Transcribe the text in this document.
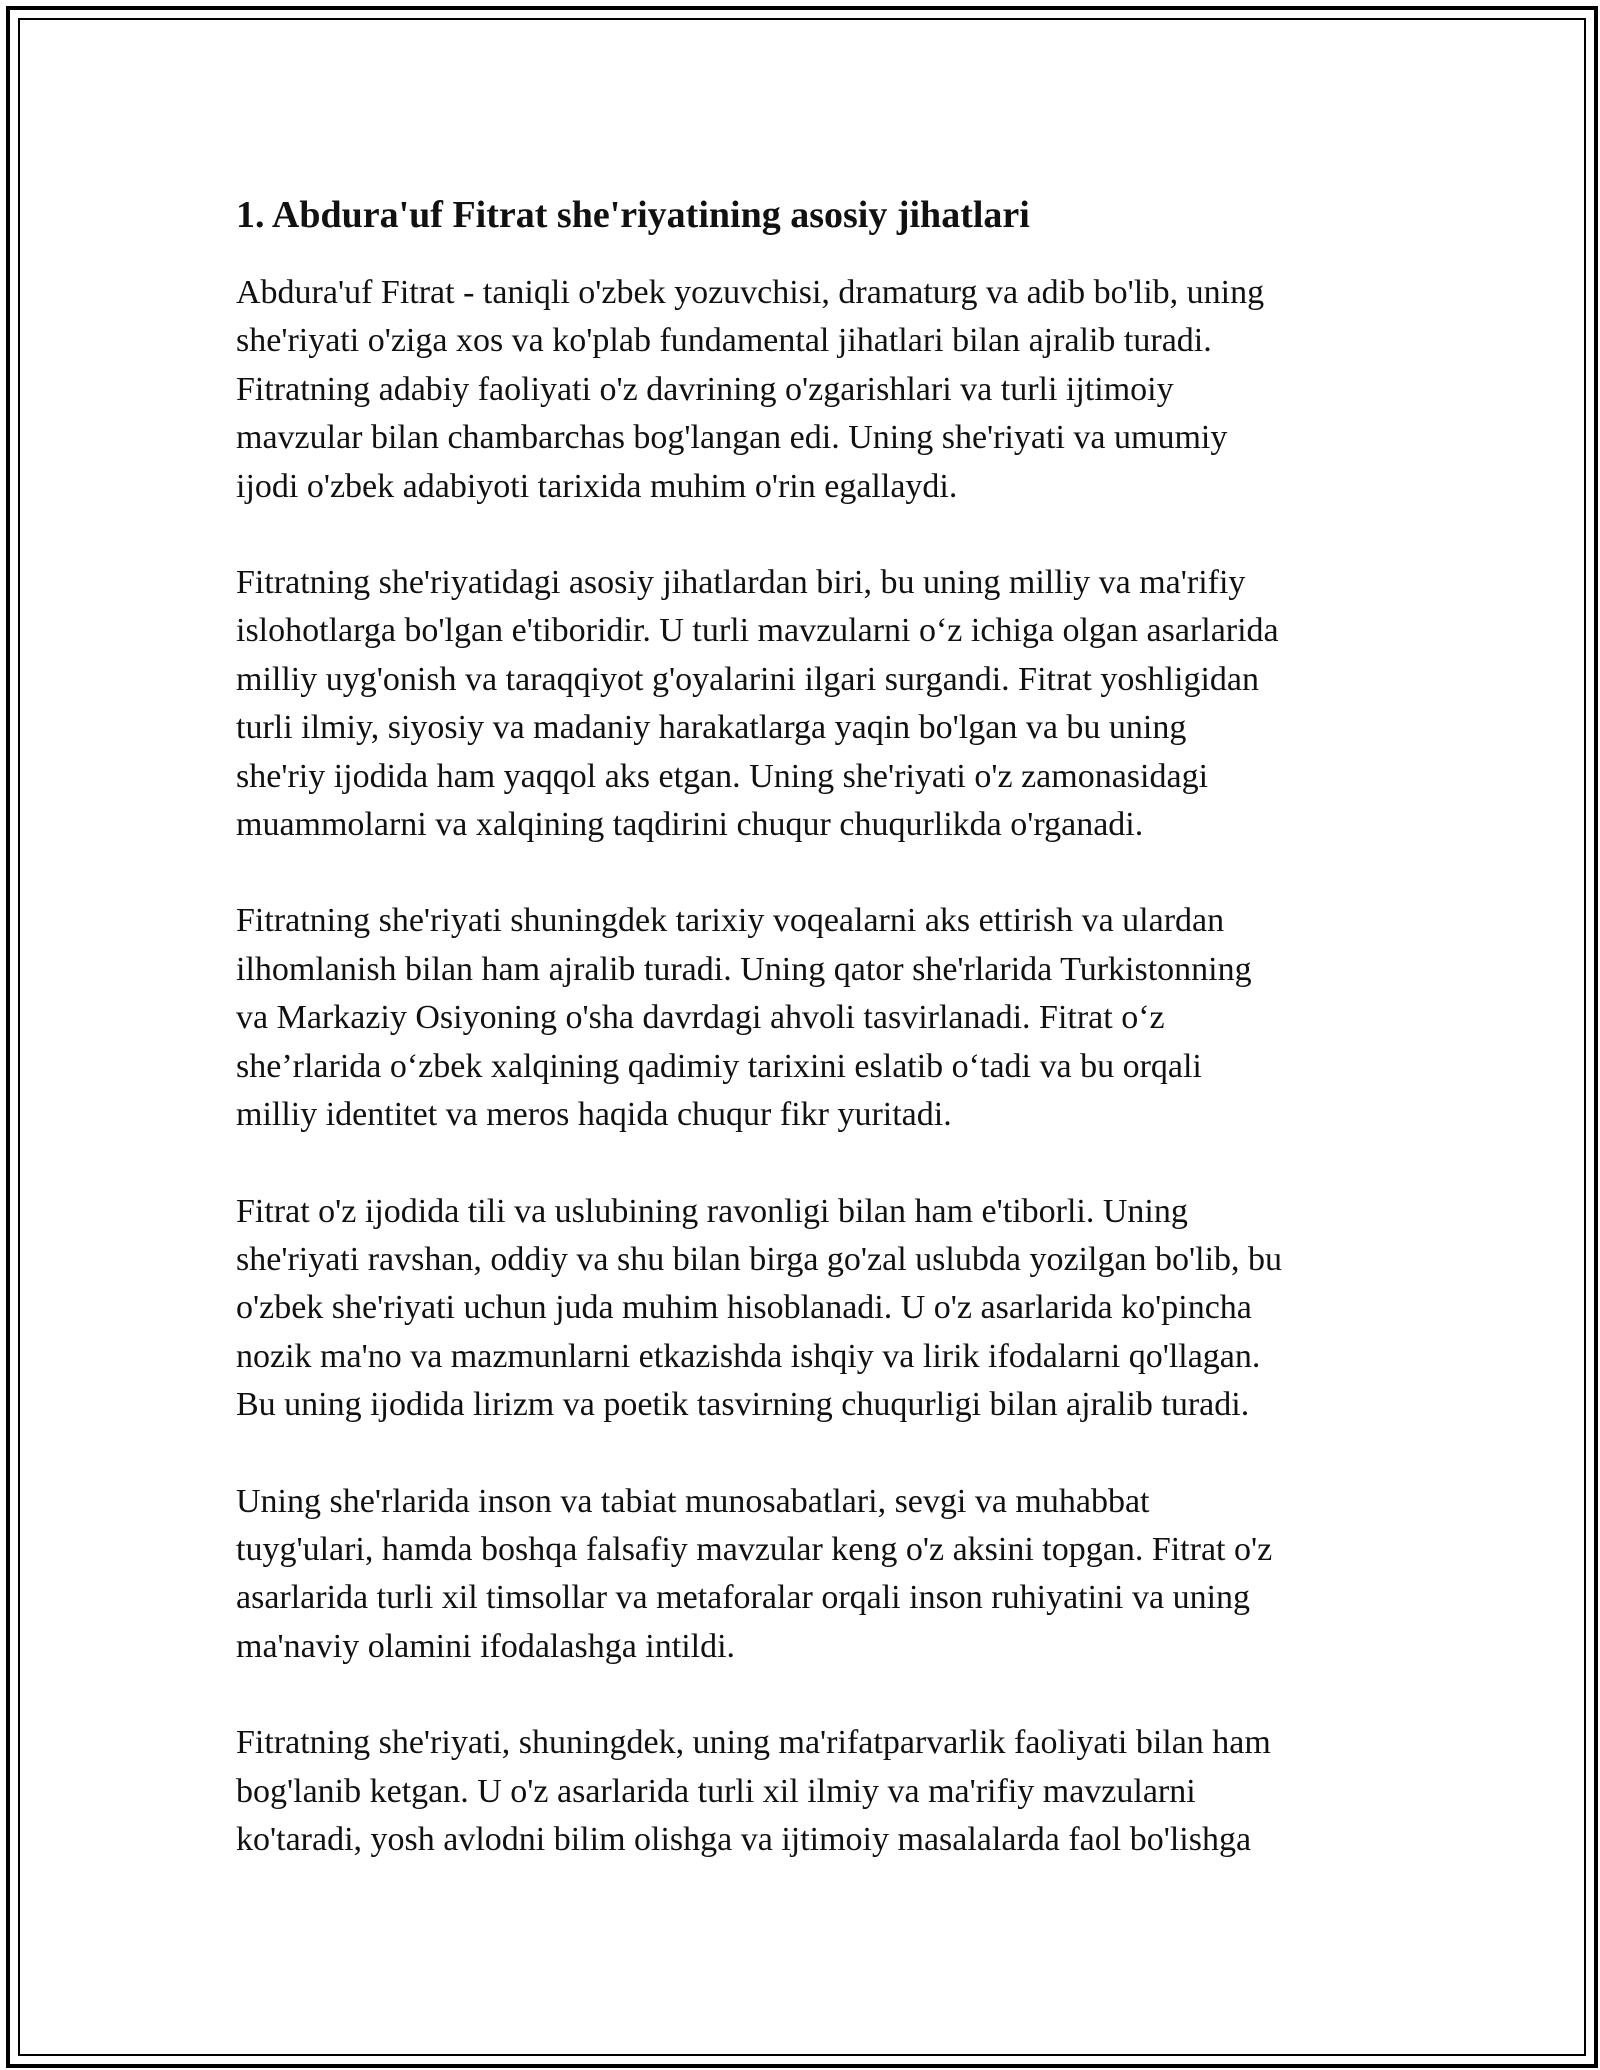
1. Abdura'uf Fitrat she'riyatining asosiy jihatlari

Abdura'uf Fitrat - taniqli o'zbek yozuvchisi, dramaturg va adib bo'lib, uning
she'riyati o'ziga xos va ko'plab fundamental jihatlari bilan ajralib turadi.
Fitratning adabiy faoliyati o'z davrining o'zgarishlari va turli ijtimoiy
mavzular bilan chambarchas bog'langan edi. Uning she'riyati va umumiy
ijodi o'zbek adabiyoti tarixida muhim o'rin egallaydi.

Fitratning she'riyatidagi asosiy jihatlardan biri, bu uning milliy va ma'rifiy
islohotlarga bo'lgan e'tiboridir. U turli mavzularni o‘z ichiga olgan asarlarida
milliy uyg'onish va taraqqiyot g'oyalarini ilgari surgandi. Fitrat yoshligidan
turli ilmiy, siyosiy va madaniy harakatlarga yaqin bo'lgan va bu uning
she'riy ijodida ham yaqqol aks etgan. Uning she'riyati o'z zamonasidagi
muammolarni va xalqining taqdirini chuqur chuqurlikda o'rganadi.

Fitratning she'riyati shuningdek tarixiy voqealarni aks ettirish va ulardan
ilhomlanish bilan ham ajralib turadi. Uning qator she'rlarida Turkistonning
va Markaziy Osiyoning o'sha davrdagi ahvoli tasvirlanadi. Fitrat o‘z
she’rlarida o‘zbek xalqining qadimiy tarixini eslatib o‘tadi va bu orqali
milliy identitet va meros haqida chuqur fikr yuritadi.

Fitrat o'z ijodida tili va uslubining ravonligi bilan ham e'tiborli. Uning
she'riyati ravshan, oddiy va shu bilan birga go'zal uslubda yozilgan bo'lib, bu
o'zbek she'riyati uchun juda muhim hisoblanadi. U o'z asarlarida ko'pincha
nozik ma'no va mazmunlarni etkazishda ishqiy va lirik ifodalarni qo'llagan.
Bu uning ijodida lirizm va poetik tasvirning chuqurligi bilan ajralib turadi.

Uning she'rlarida inson va tabiat munosabatlari, sevgi va muhabbat
tuyg'ulari, hamda boshqa falsafiy mavzular keng o'z aksini topgan. Fitrat o'z
asarlarida turli xil timsollar va metaforalar orqali inson ruhiyatini va uning
ma'naviy olamini ifodalashga intildi.

Fitratning she'riyati, shuningdek, uning ma'rifatparvarlik faoliyati bilan ham
bog'lanib ketgan. U o'z asarlarida turli xil ilmiy va ma'rifiy mavzularni
ko'taradi, yosh avlodni bilim olishga va ijtimoiy masalalarda faol bo'lishga
